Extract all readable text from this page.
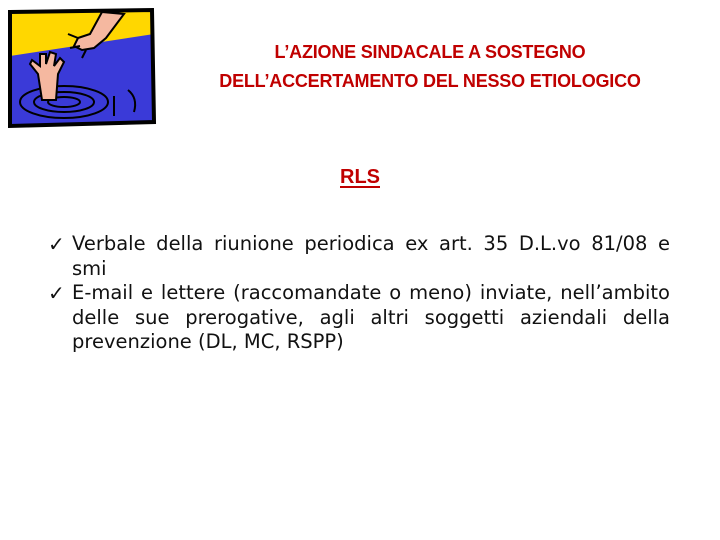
L’AZIONE SINDACALE A SOSTEGNO
DELL’ACCERTAMENTO DEL NESSO ETIOLOGICO
RLS
✓ Verbale della riunione periodica ex art. 35 D.L.vo 81/08 e smi
✓ E-mail e lettere (raccomandate o meno) inviate, nell’ambito delle sue prerogative, agli altri soggetti aziendali della prevenzione (DL, MC, RSPP)
